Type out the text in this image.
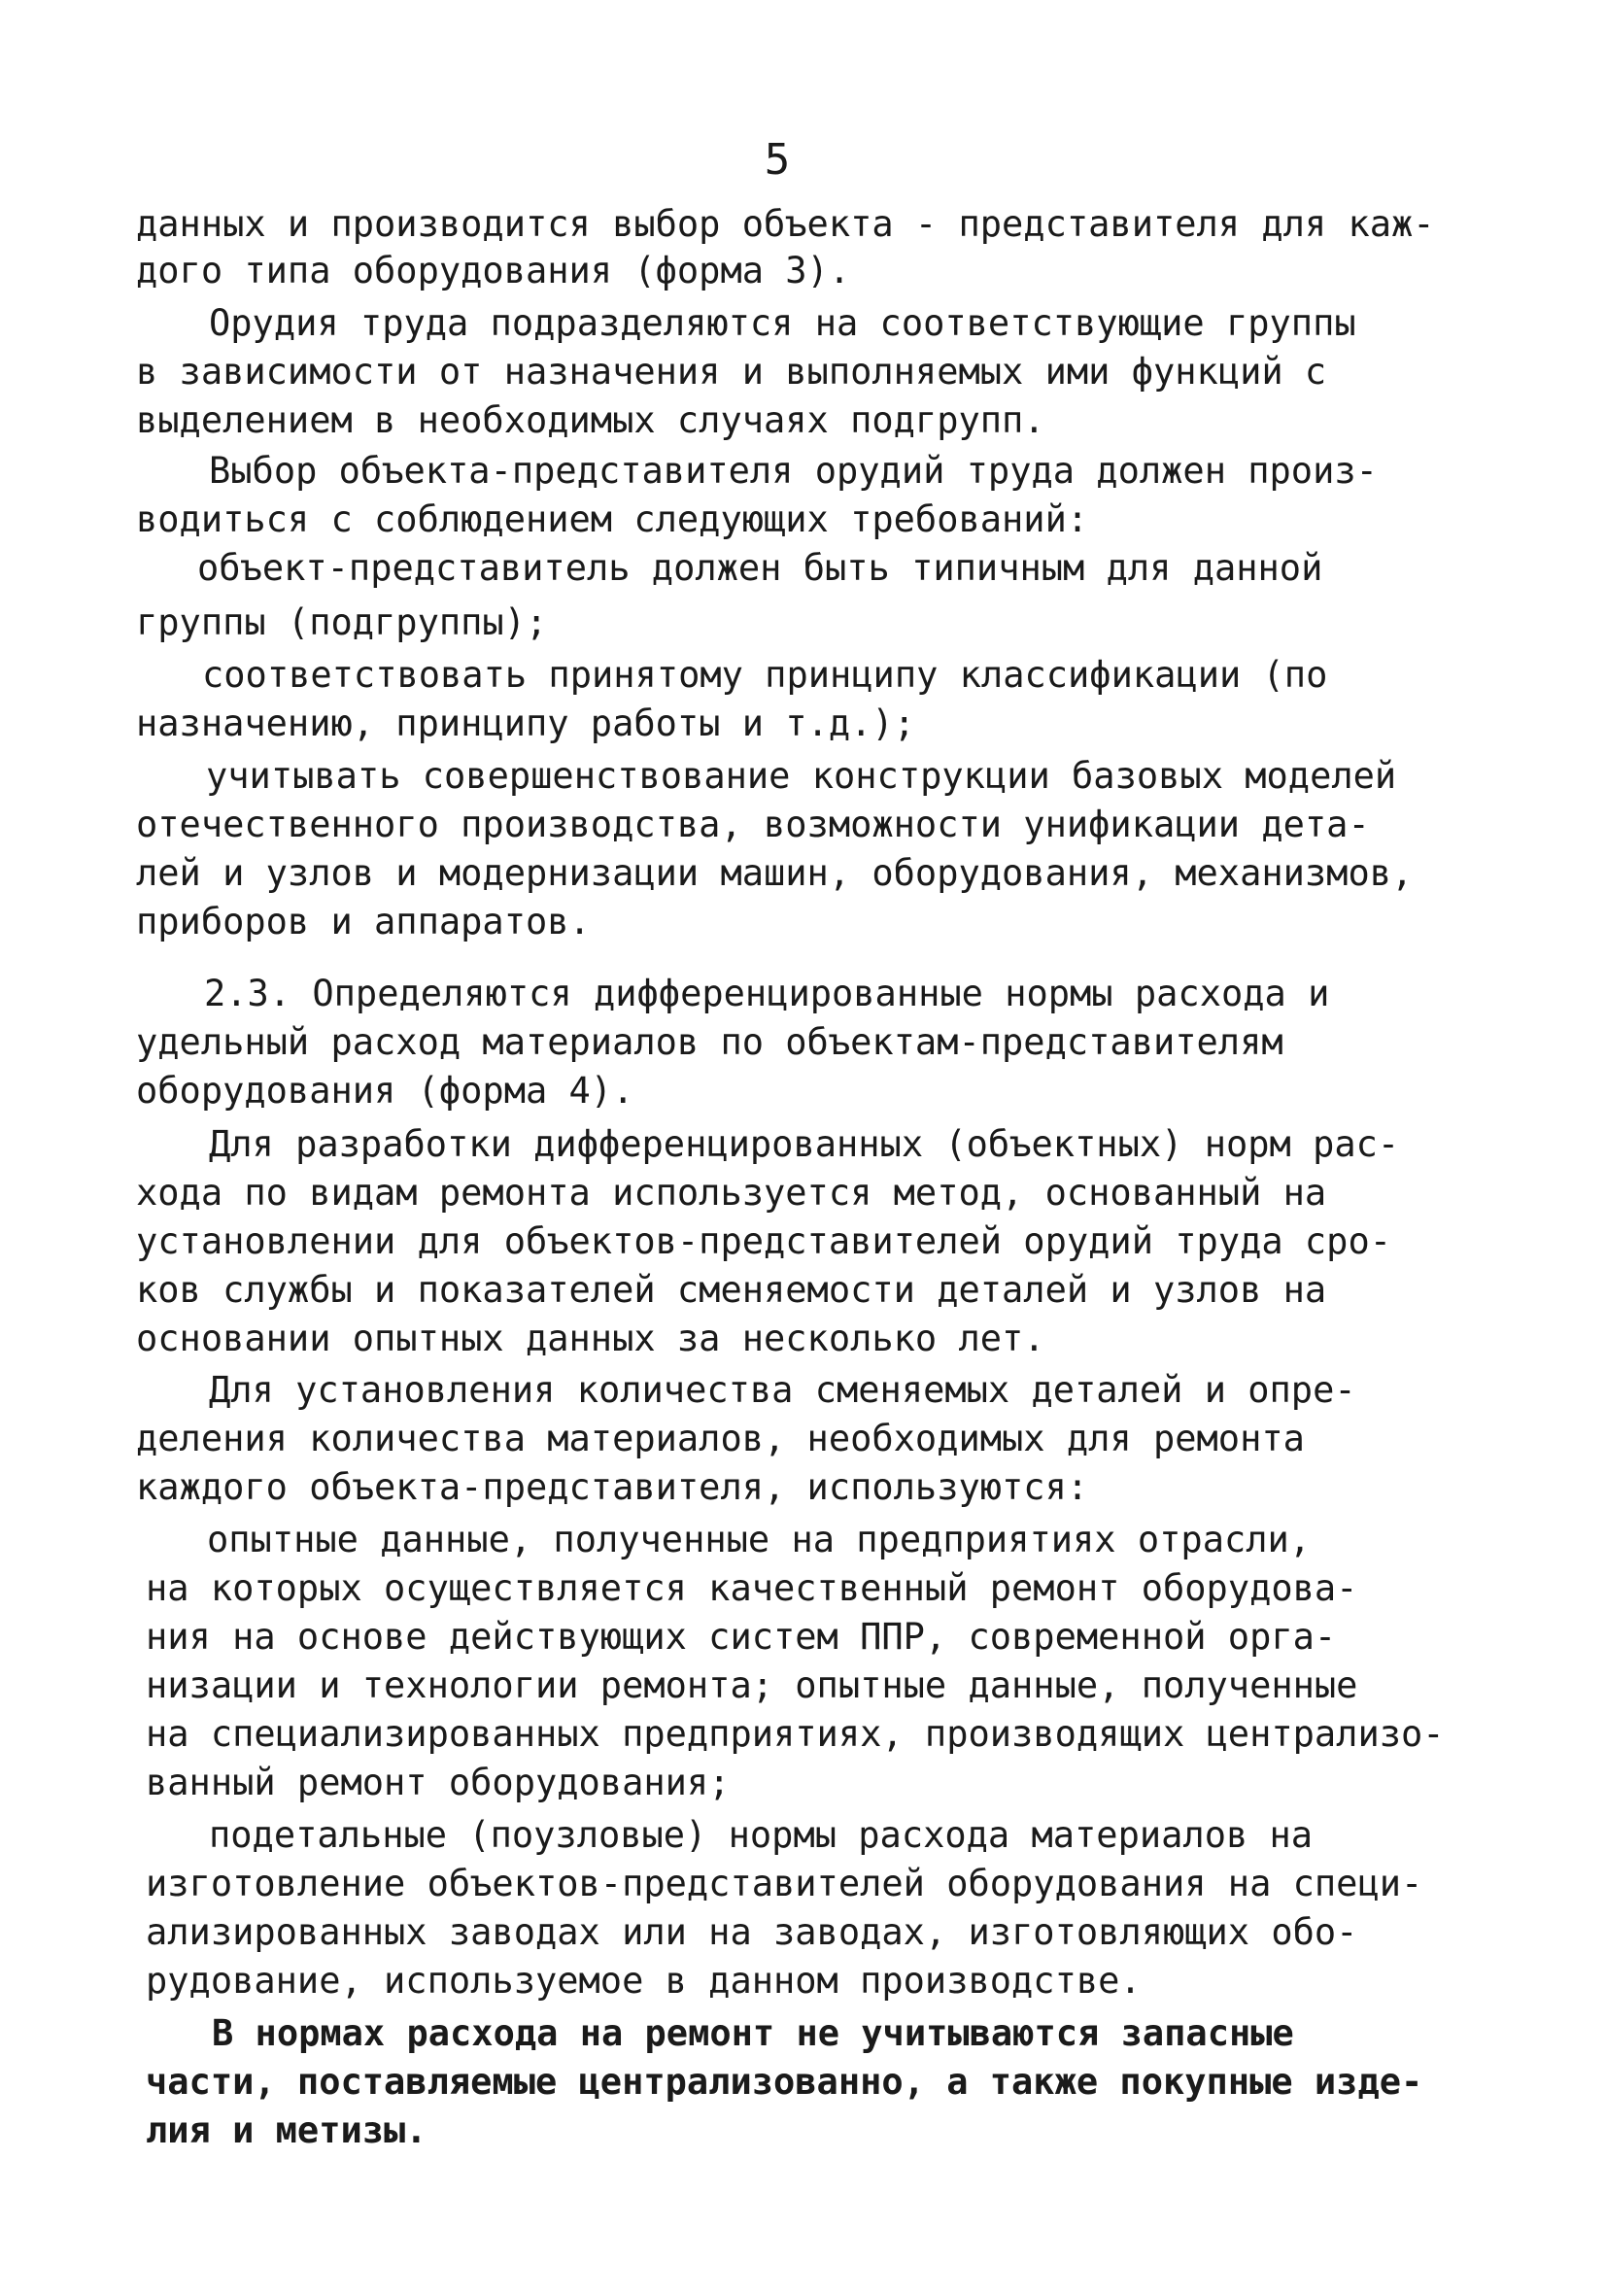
5
данных и производится выбор объекта - представителя для каж-
дого типа оборудования (форма 3).
Орудия труда подразделяются на соответствующие группы
в зависимости от назначения и выполняемых ими функций с
выделением в необходимых случаях подгрупп.
Выбор объекта-представителя орудий труда должен произ-
водиться с соблюдением следующих требований:
объект-представитель должен быть типичным для данной
группы (подгруппы);
соответствовать принятому принципу классификации (по
назначению, принципу работы и т.д.);
учитывать совершенствование конструкции базовых моделей
отечественного производства, возможности унификации дета-
лей и узлов и модернизации машин, оборудования, механизмов,
приборов и аппаратов.
2.3. Определяются дифференцированные нормы расхода и
удельный расход материалов по объектам-представителям
оборудования (форма 4).
Для разработки дифференцированных (объектных) норм рас-
хода по видам ремонта используется метод, основанный на
установлении для объектов-представителей орудий труда сро-
ков службы и показателей сменяемости деталей и узлов на
основании опытных данных за несколько лет.
Для установления количества сменяемых деталей и опре-
деления количества материалов, необходимых для ремонта
каждого объекта-представителя, используются:
опытные данные, полученные на предприятиях отрасли,
на которых осуществляется качественный ремонт оборудова-
ния на основе действующих систем ППР, современной орга-
низации и технологии ремонта; опытные данные, полученные
на специализированных предприятиях, производящих централизо-
ванный ремонт оборудования;
подетальные (поузловые) нормы расхода материалов на
изготовление объектов-представителей оборудования на специ-
ализированных заводах или на заводах, изготовляющих обо-
рудование, используемое в данном производстве.
В нормах расхода на ремонт не учитываются запасные
части, поставляемые централизованно, а также покупные изде-
лия и метизы.
